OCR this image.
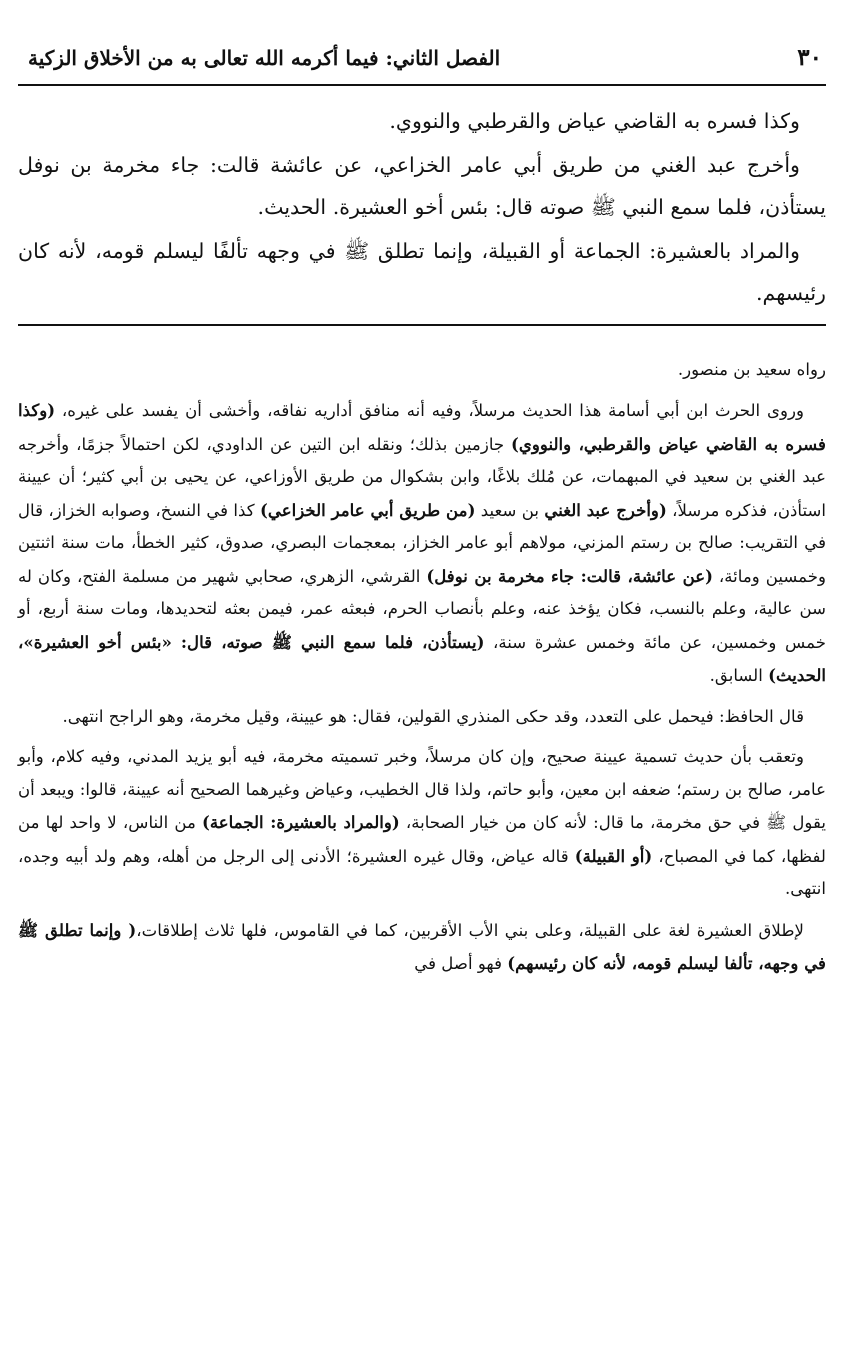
٣٠
الفصل الثاني: فيما أكرمه الله تعالى به من الأخلاق الزكية

وكذا فسره به القاضي عياض والقرطبي والنووي.

وأخرج عبد الغني من طريق أبي عامر الخزاعي، عن عائشة قالت: جاء مخرمة بن نوفل يستأذن، فلما سمع النبي ﷺ صوته قال: بئس أخو العشيرة. الحديث.

والمراد بالعشيرة: الجماعة أو القبيلة، وإنما تطلق ﷺ في وجهه تألفًا ليسلم قومه، لأنه كان رئيسهم.

رواه سعيد بن منصور.

وروى الحرث ابن أبي أسامة هذا الحديث مرسلاً، وفيه أنه منافق أداريه نفاقه، وأخشى أن يفسد على غيره، (وكذا فسره به القاضي عياض والقرطبي، والنووي) جازمين بذلك؛ ونقله ابن التين عن الداودي، لكن احتمالاً جزمًا، وأخرجه عبد الغني بن سعيد في المبهمات، عن مُلك بلاغًا، وابن بشكوال من طريق الأوزاعي، عن يحيى بن أبي كثير؛ أن عيينة استأذن، فذكره مرسلاً، (وأخرج عبد الغني بن سعيد (من طريق أبي عامر الخزاعي) كذا في النسخ، وصوابه الخزاز، قال في التقريب: صالح بن رستم المزني، مولاهم أبو عامر الخزاز، بمعجمات البصري، صدوق، كثير الخطأ، مات سنة اثنتين وخمسين ومائة، (عن عائشة، قالت: جاء مخرمة بن نوفل) القرشي، الزهري، صحابي شهير من مسلمة الفتح، وكان له سن عالية، وعلم بالنسب، فكان يؤخذ عنه، وعلم بأنصاب الحرم، فبعثه عمر، فيمن بعثه لتحديدها، ومات سنة أربع، أو خمس وخمسين، عن مائة وخمس عشرة سنة، (يستأذن، فلما سمع النبي ﷺ صوته، قال: «بئس أخو العشيرة»، الحديث) السابق.

قال الحافظ: فيحمل على التعدد، وقد حكى المنذري القولين، فقال: هو عيينة، وقيل مخرمة، وهو الراجح انتهى.

وتعقب بأن حديث تسمية عيينة صحيح، وإن كان مرسلاً، وخبر تسميته مخرمة، فيه أبو يزيد المدني، وفيه كلام، وأبو عامر، صالح بن رستم؛ ضعفه ابن معين، وأبو حاتم، ولذا قال الخطيب، وعياض وغيرهما الصحيح أنه عيينة، قالوا: ويبعد أن يقول ﷺ في حق مخرمة، ما قال: لأنه كان من خيار الصحابة، (والمراد بالعشيرة: الجماعة) من الناس، لا واحد لها من لفظها، كما في المصباح، (أو القبيلة) قاله عياض، وقال غيره العشيرة؛ الأدنى إلى الرجل من أهله، وهم ولد أبيه وجده، انتهى.

لإطلاق العشيرة لغة على القبيلة، وعلى بني الأب الأقربين، كما في القاموس، فلها ثلاث إطلاقات،( وإنما تطلق ﷺ في وجهه، تألفا ليسلم قومه، لأنه كان رئيسهم) فهو أصل في
